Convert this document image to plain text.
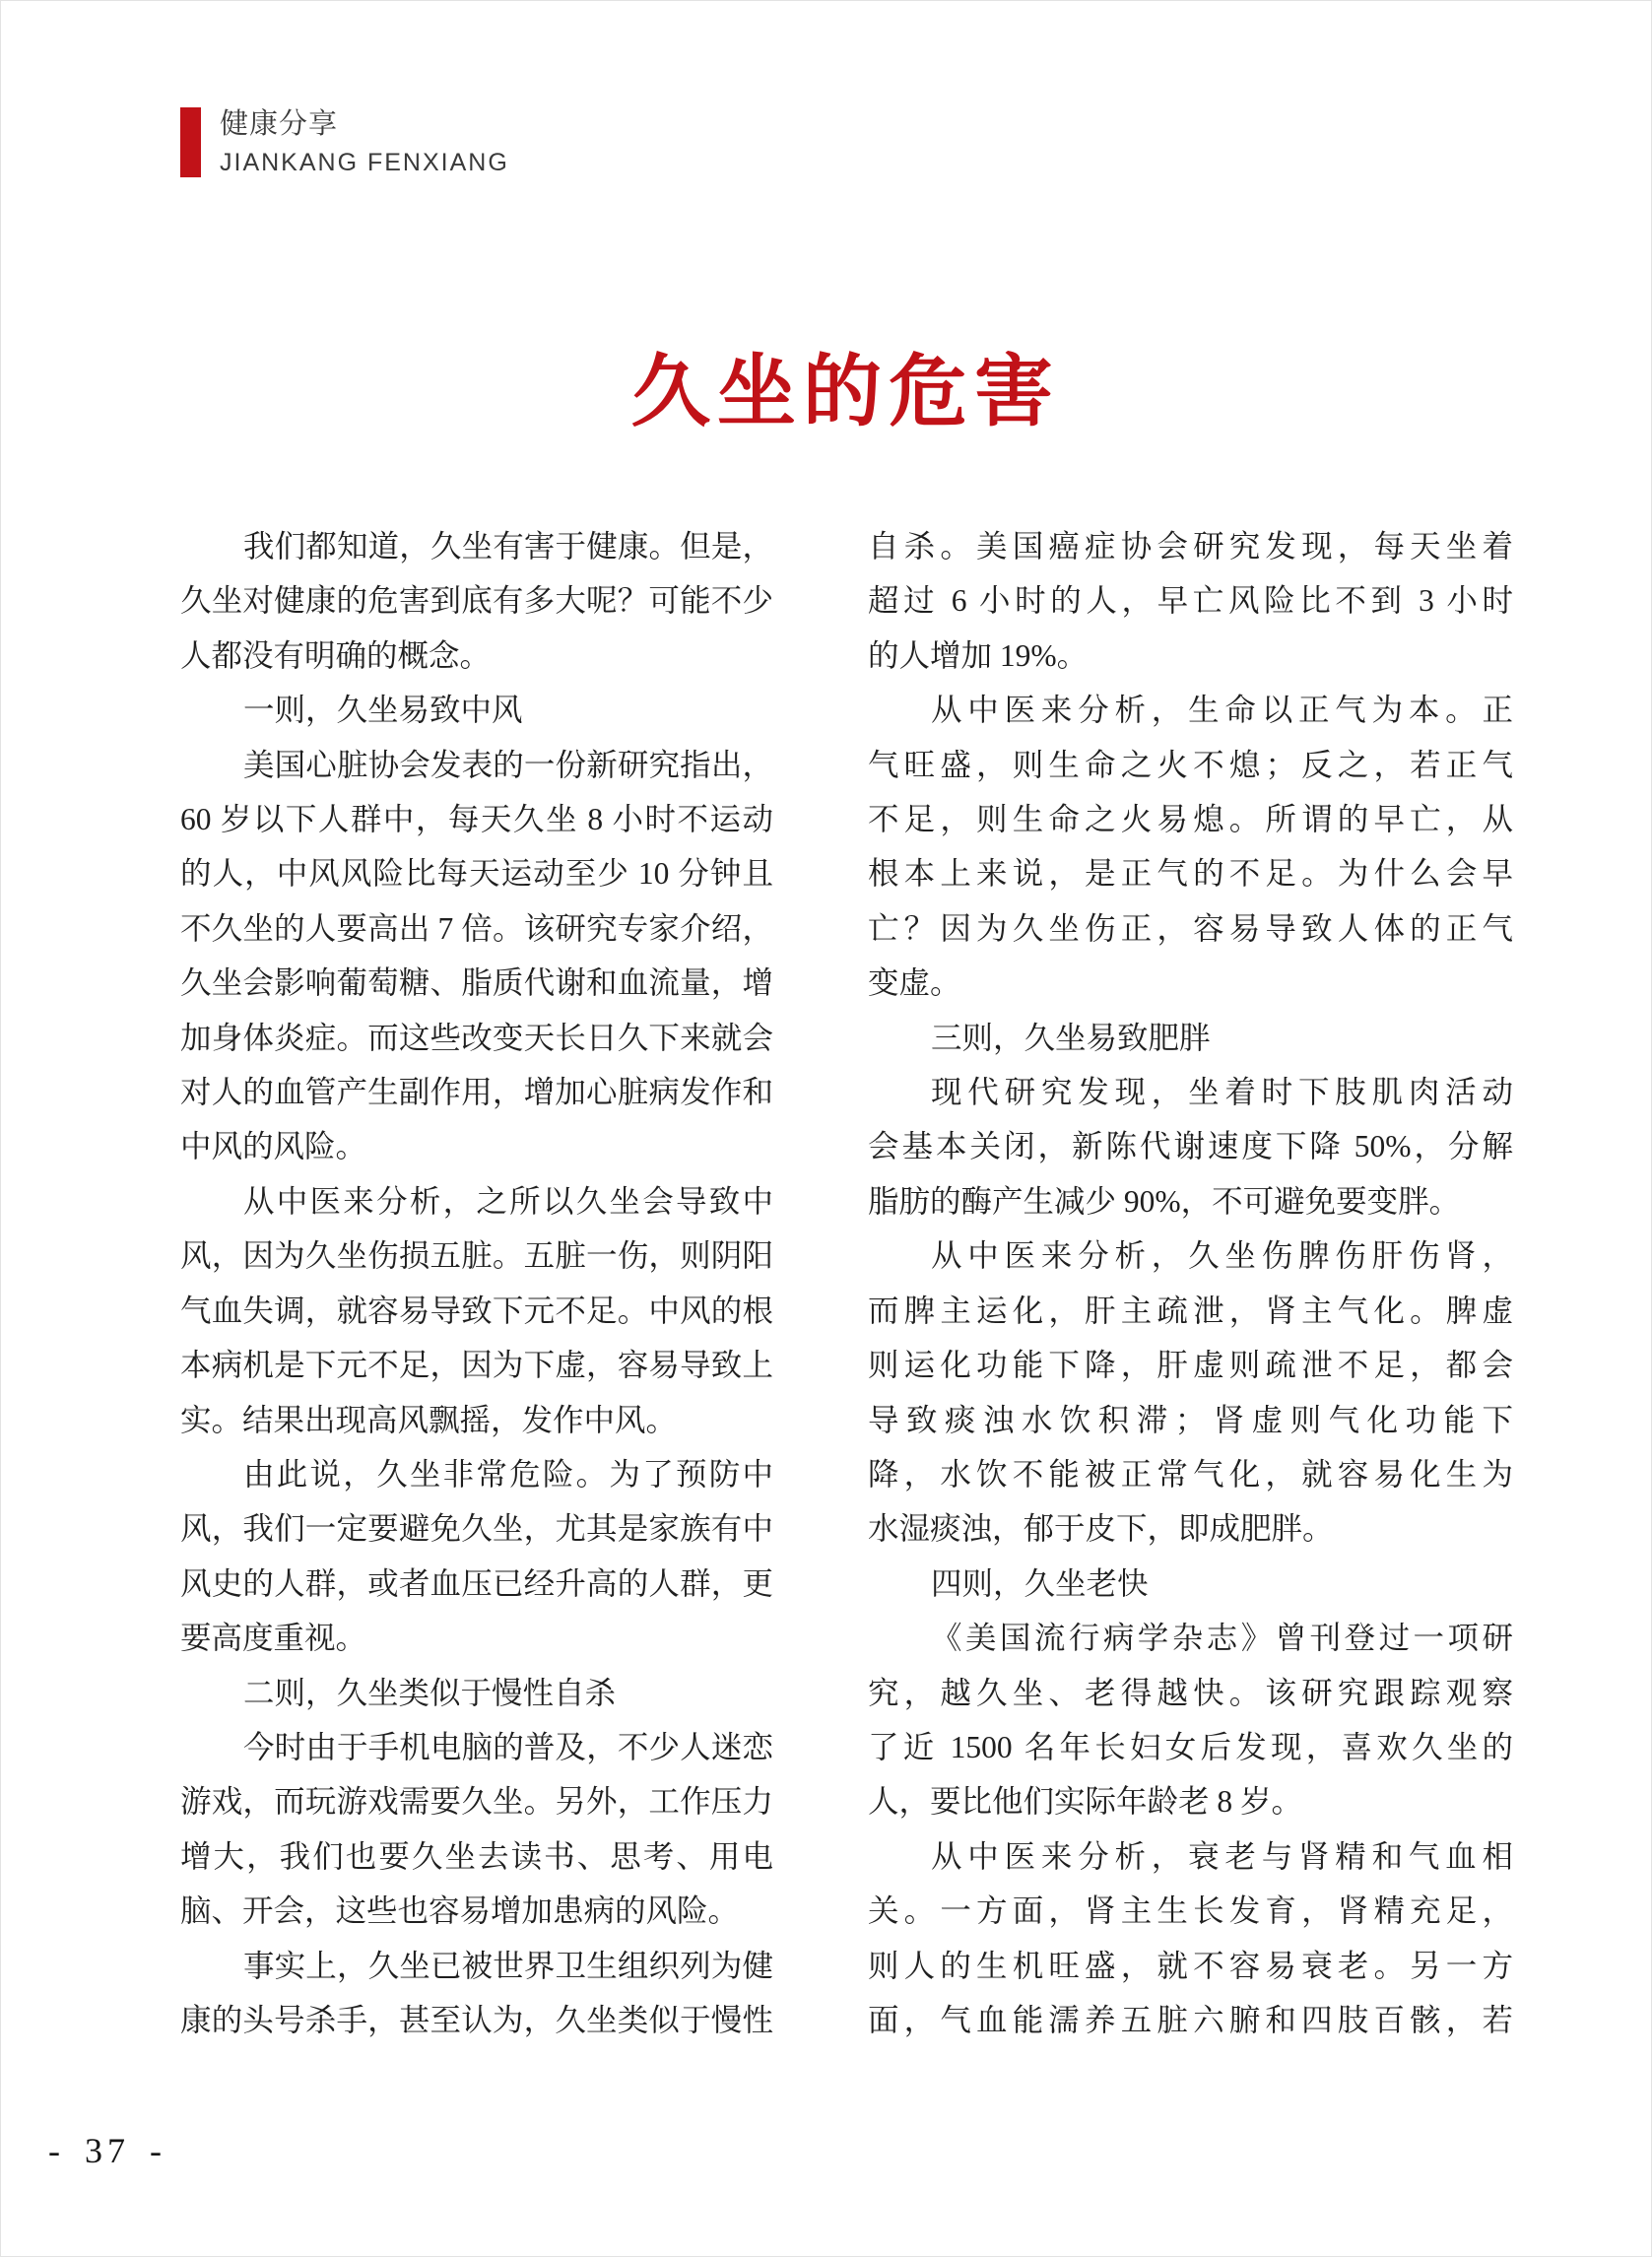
健康分享
JIANKANG FENXIANG
久坐的危害
我们都知道，久坐有害于健康。但是，
久坐对健康的危害到底有多大呢？可能不少
人都没有明确的概念。
一则，久坐易致中风
美国心脏协会发表的一份新研究指出，
60 岁以下人群中，每天久坐 8 小时不运动
的人，中风风险比每天运动至少 10 分钟且
不久坐的人要高出 7 倍。该研究专家介绍，
久坐会影响葡萄糖、脂质代谢和血流量，增
加身体炎症。而这些改变天长日久下来就会
对人的血管产生副作用，增加心脏病发作和
中风的风险。
从中医来分析，之所以久坐会导致中
风，因为久坐伤损五脏。五脏一伤，则阴阳
气血失调，就容易导致下元不足。中风的根
本病机是下元不足，因为下虚，容易导致上
实。结果出现高风飘摇，发作中风。
由此说，久坐非常危险。为了预防中
风，我们一定要避免久坐，尤其是家族有中
风史的人群，或者血压已经升高的人群，更
要高度重视。
二则，久坐类似于慢性自杀
今时由于手机电脑的普及，不少人迷恋
游戏，而玩游戏需要久坐。另外，工作压力
增大，我们也要久坐去读书、思考、用电
脑、开会，这些也容易增加患病的风险。
事实上，久坐已被世界卫生组织列为健
康的头号杀手，甚至认为，久坐类似于慢性
自杀。美国癌症协会研究发现，每天坐着
超过 6 小时的人，早亡风险比不到 3 小时
的人增加 19%。
从中医来分析，生命以正气为本。正
气旺盛，则生命之火不熄；反之，若正气
不足，则生命之火易熄。所谓的早亡，从
根本上来说，是正气的不足。为什么会早
亡？因为久坐伤正，容易导致人体的正气
变虚。
三则，久坐易致肥胖
现代研究发现，坐着时下肢肌肉活动
会基本关闭，新陈代谢速度下降 50%，分解
脂肪的酶产生减少 90%，不可避免要变胖。
从中医来分析，久坐伤脾伤肝伤肾，
而脾主运化，肝主疏泄，肾主气化。脾虚
则运化功能下降，肝虚则疏泄不足，都会
导致痰浊水饮积滞；肾虚则气化功能下
降，水饮不能被正常气化，就容易化生为
水湿痰浊，郁于皮下，即成肥胖。
四则，久坐老快
《美国流行病学杂志》曾刊登过一项研
究，越久坐、老得越快。该研究跟踪观察
了近 1500 名年长妇女后发现，喜欢久坐的
人，要比他们实际年龄老 8 岁。
从中医来分析，衰老与肾精和气血相
关。一方面，肾主生长发育，肾精充足，
则人的生机旺盛，就不容易衰老。另一方
面，气血能濡养五脏六腑和四肢百骸，若
- 37 -
